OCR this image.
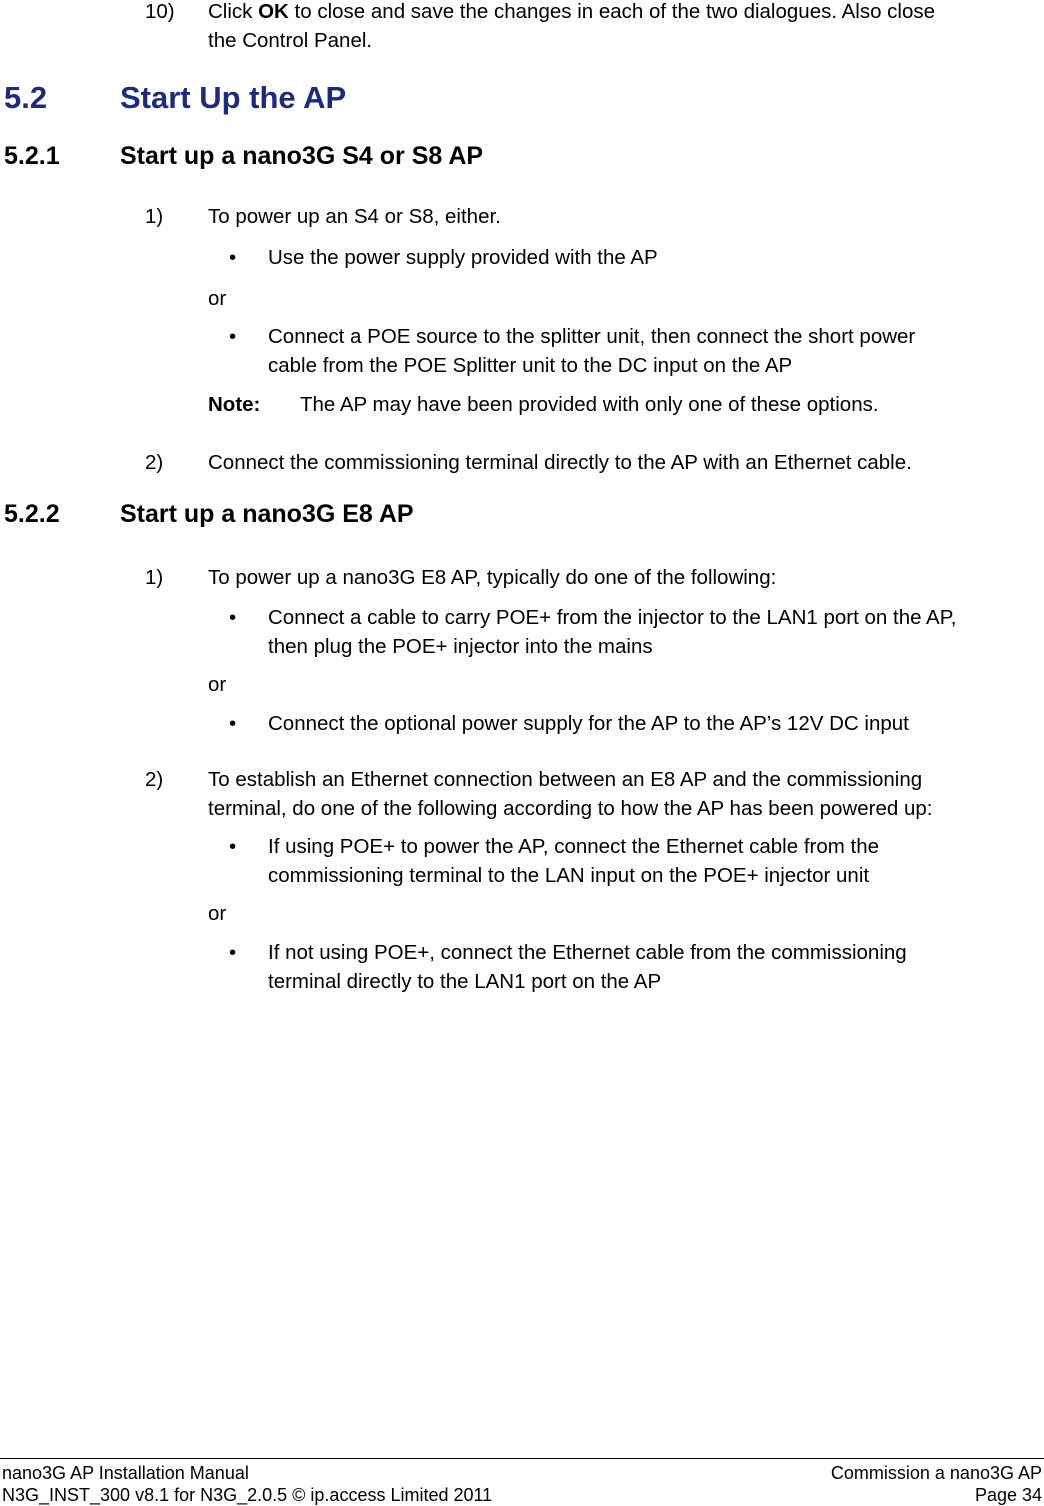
10) Click OK to close and save the changes in each of the two dialogues. Also close
the Control Panel.
5.2 Start Up the AP
5.2.1 Start up a nano3G S4 or S8 AP
1) To power up an S4 or S8, either.
• Use the power supply provided with the AP
or
• Connect a POE source to the splitter unit, then connect the short power
cable from the POE Splitter unit to the DC input on the AP
Note: The AP may have been provided with only one of these options.
2) Connect the commissioning terminal directly to the AP with an Ethernet cable.
5.2.2 Start up a nano3G E8 AP
1) To power up a nano3G E8 AP, typically do one of the following:
• Connect a cable to carry POE+ from the injector to the LAN1 port on the AP,
then plug the POE+ injector into the mains
or
• Connect the optional power supply for the AP to the AP’s 12V DC input
2) To establish an Ethernet connection between an E8 AP and the commissioning
terminal, do one of the following according to how the AP has been powered up:
• If using POE+ to power the AP, connect the Ethernet cable from the
commissioning terminal to the LAN input on the POE+ injector unit
or
• If not using POE+, connect the Ethernet cable from the commissioning
terminal directly to the LAN1 port on the AP
nano3G AP Installation Manual
N3G_INST_300 v8.1 for N3G_2.0.5 © ip.access Limited 2011
Commission a nano3G AP
Page 34
